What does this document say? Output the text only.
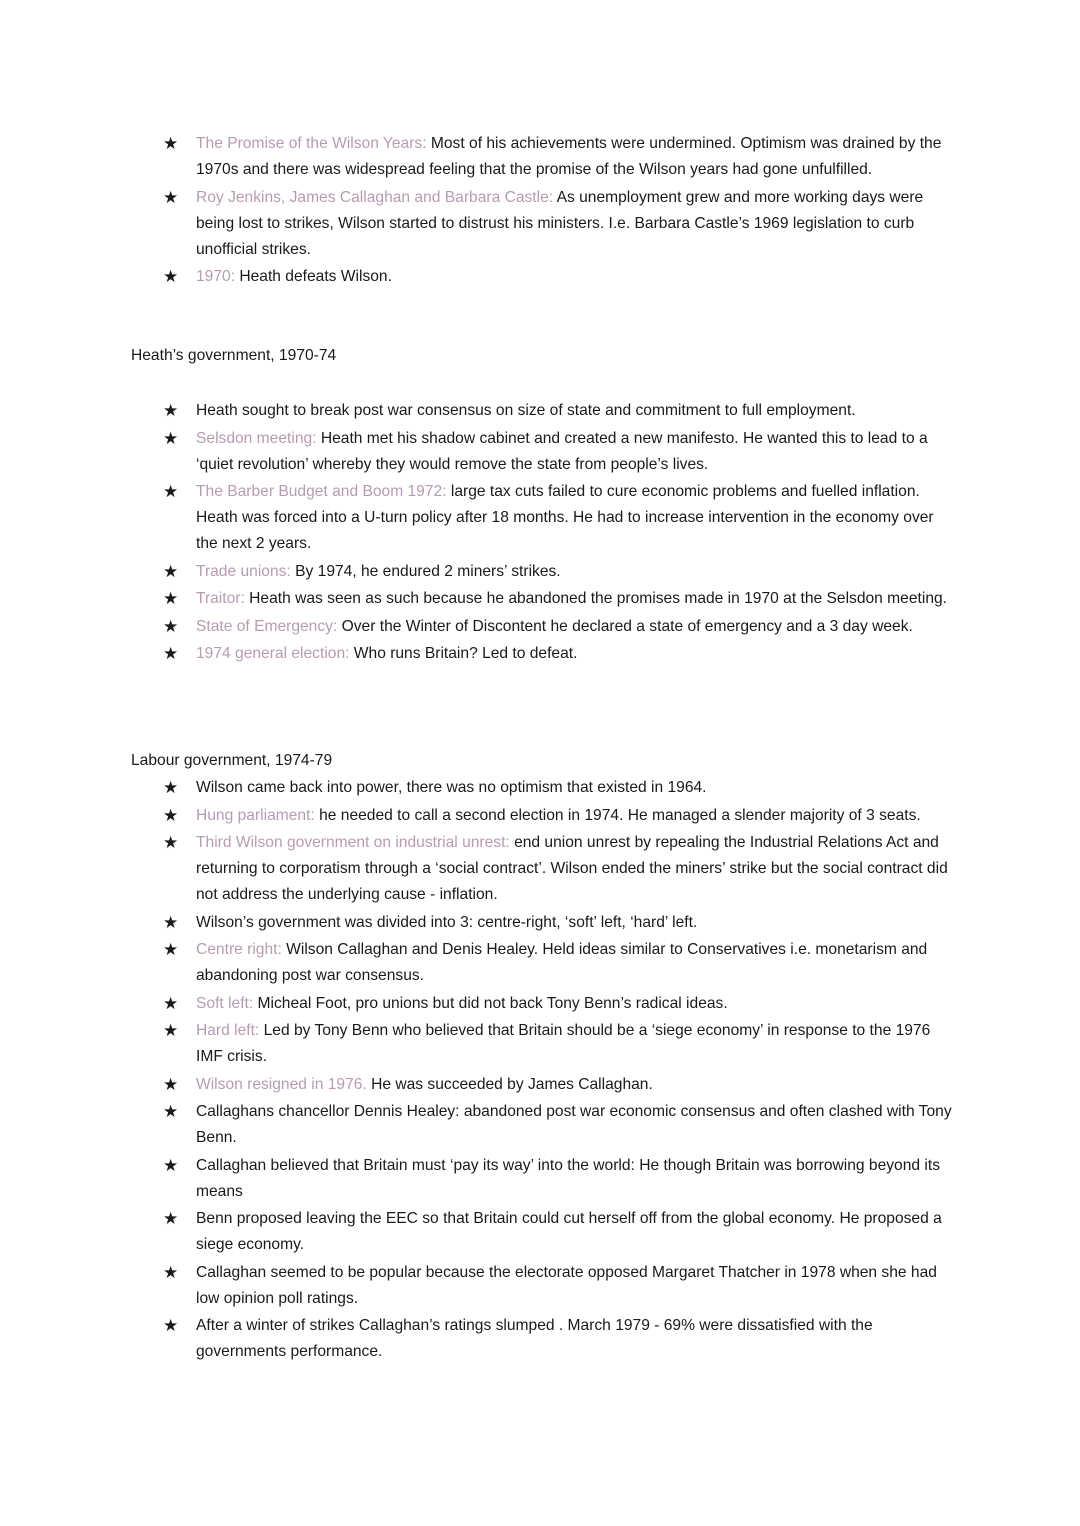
★ The Promise of the Wilson Years: Most of his achievements were undermined. Optimism was drained by the 1970s and there was widespread feeling that the promise of the Wilson years had gone unfulfilled.
★ Roy Jenkins, James Callaghan and Barbara Castle: As unemployment grew and more working days were being lost to strikes, Wilson started to distrust his ministers. I.e. Barbara Castle’s 1969 legislation to curb unofficial strikes.
★ 1970: Heath defeats Wilson.
Heath’s government, 1970-74
★ Heath sought to break post war consensus on size of state and commitment to full employment.
★ Selsdon meeting: Heath met his shadow cabinet and created a new manifesto. He wanted this to lead to a ‘quiet revolution’ whereby they would remove the state from people’s lives.
★ The Barber Budget and Boom 1972: large tax cuts failed to cure economic problems and fuelled inflation. Heath was forced into a U-turn policy after 18 months. He had to increase intervention in the economy over the next 2 years.
★ Trade unions: By 1974, he endured 2 miners’ strikes.
★ Traitor: Heath was seen as such because he abandoned the promises made in 1970 at the Selsdon meeting.
★ State of Emergency: Over the Winter of Discontent he declared a state of emergency and a 3 day week.
★ 1974 general election: Who runs Britain? Led to defeat.
Labour government, 1974-79
★ Wilson came back into power, there was no optimism that existed in 1964.
★ Hung parliament: he needed to call a second election in 1974. He managed a slender majority of 3 seats.
★ Third Wilson government on industrial unrest: end union unrest by repealing the Industrial Relations Act and returning to corporatism through a ‘social contract’. Wilson ended the miners’ strike but the social contract did not address the underlying cause - inflation.
★ Wilson’s government was divided into 3: centre-right, ‘soft’ left, ‘hard’ left.
★ Centre right: Wilson Callaghan and Denis Healey. Held ideas similar to Conservatives i.e. monetarism and abandoning post war consensus.
★ Soft left: Micheal Foot, pro unions but did not back Tony Benn’s radical ideas.
★ Hard left: Led by Tony Benn who believed that Britain should be a ‘siege economy’ in response to the 1976 IMF crisis.
★ Wilson resigned in 1976. He was succeeded by James Callaghan.
★ Callaghans chancellor Dennis Healey: abandoned post war economic consensus and often clashed with Tony Benn.
★ Callaghan believed that Britain must ‘pay its way’ into the world: He though Britain was borrowing beyond its means
★ Benn proposed leaving the EEC so that Britain could cut herself off from the global economy. He proposed a siege economy.
★ Callaghan seemed to be popular because the electorate opposed Margaret Thatcher in 1978 when she had low opinion poll ratings.
★ After a winter of strikes Callaghan’s ratings slumped . March 1979 - 69% were dissatisfied with the governments performance.
